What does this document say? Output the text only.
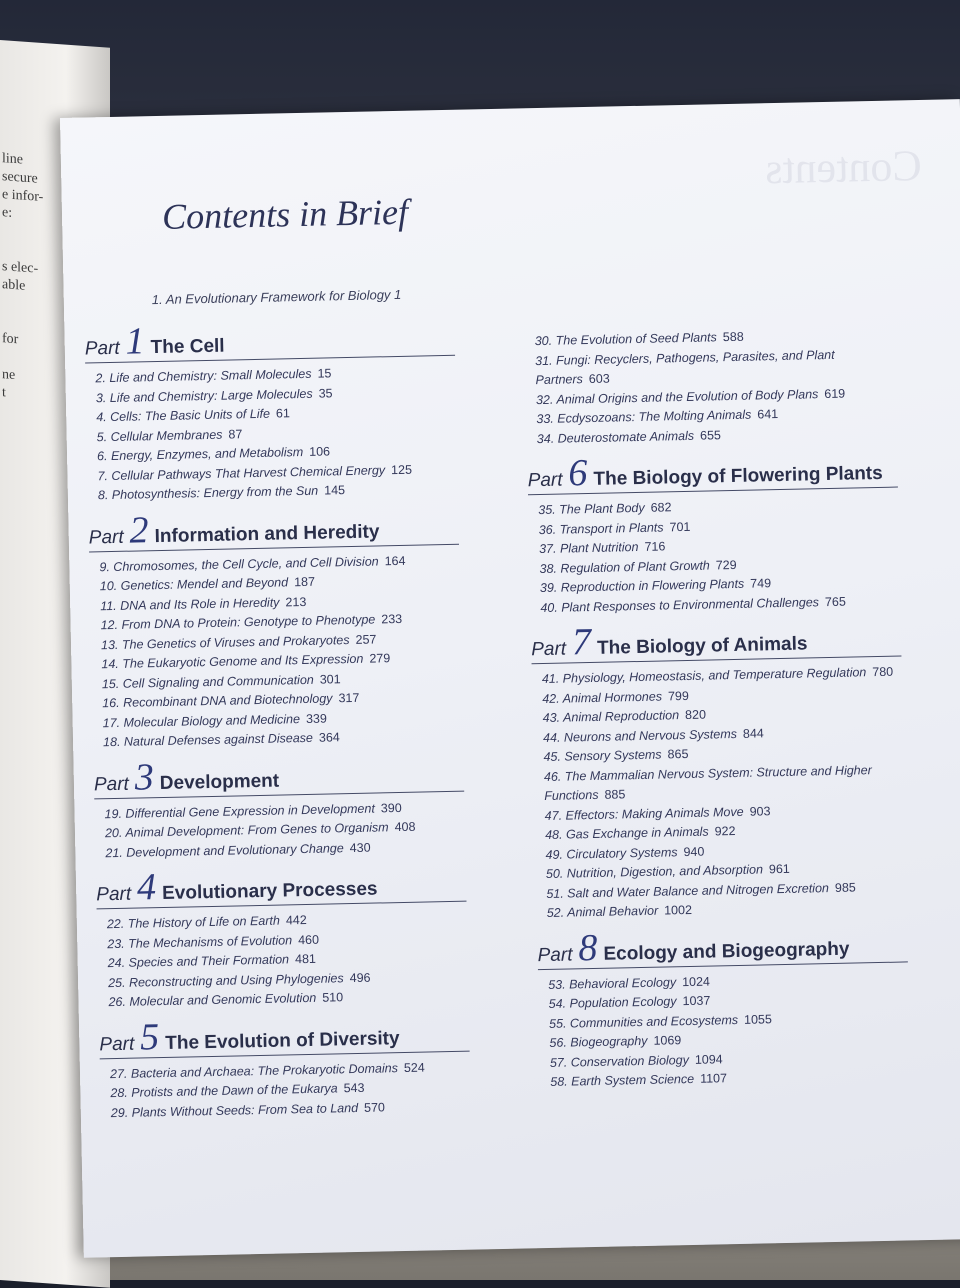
line
secure
e infor-
e:
s elec-
able
for
ne
t
Contents
Contents in Brief
1. An Evolutionary Framework for Biology 1
Part 1 The Cell
2. Life and Chemistry: Small Molecules 15
3. Life and Chemistry: Large Molecules 35
4. Cells: The Basic Units of Life 61
5. Cellular Membranes 87
6. Energy, Enzymes, and Metabolism 106
7. Cellular Pathways That Harvest Chemical Energy 125
8. Photosynthesis: Energy from the Sun 145
Part 2 Information and Heredity
9. Chromosomes, the Cell Cycle, and Cell Division 164
10. Genetics: Mendel and Beyond 187
11. DNA and Its Role in Heredity 213
12. From DNA to Protein: Genotype to Phenotype 233
13. The Genetics of Viruses and Prokaryotes 257
14. The Eukaryotic Genome and Its Expression 279
15. Cell Signaling and Communication 301
16. Recombinant DNA and Biotechnology 317
17. Molecular Biology and Medicine 339
18. Natural Defenses against Disease 364
Part 3 Development
19. Differential Gene Expression in Development 390
20. Animal Development: From Genes to Organism 408
21. Development and Evolutionary Change 430
Part 4 Evolutionary Processes
22. The History of Life on Earth 442
23. The Mechanisms of Evolution 460
24. Species and Their Formation 481
25. Reconstructing and Using Phylogenies 496
26. Molecular and Genomic Evolution 510
Part 5 The Evolution of Diversity
27. Bacteria and Archaea: The Prokaryotic Domains 524
28. Protists and the Dawn of the Eukarya 543
29. Plants Without Seeds: From Sea to Land 570
30. The Evolution of Seed Plants 588
31. Fungi: Recyclers, Pathogens, Parasites, and Plant Partners 603
32. Animal Origins and the Evolution of Body Plans 619
33. Ecdysozoans: The Molting Animals 641
34. Deuterostomate Animals 655
Part 6 The Biology of Flowering Plants
35. The Plant Body 682
36. Transport in Plants 701
37. Plant Nutrition 716
38. Regulation of Plant Growth 729
39. Reproduction in Flowering Plants 749
40. Plant Responses to Environmental Challenges 765
Part 7 The Biology of Animals
41. Physiology, Homeostasis, and Temperature Regulation 780
42. Animal Hormones 799
43. Animal Reproduction 820
44. Neurons and Nervous Systems 844
45. Sensory Systems 865
46. The Mammalian Nervous System: Structure and Higher Functions 885
47. Effectors: Making Animals Move 903
48. Gas Exchange in Animals 922
49. Circulatory Systems 940
50. Nutrition, Digestion, and Absorption 961
51. Salt and Water Balance and Nitrogen Excretion 985
52. Animal Behavior 1002
Part 8 Ecology and Biogeography
53. Behavioral Ecology 1024
54. Population Ecology 1037
55. Communities and Ecosystems 1055
56. Biogeography 1069
57. Conservation Biology 1094
58. Earth System Science 1107
